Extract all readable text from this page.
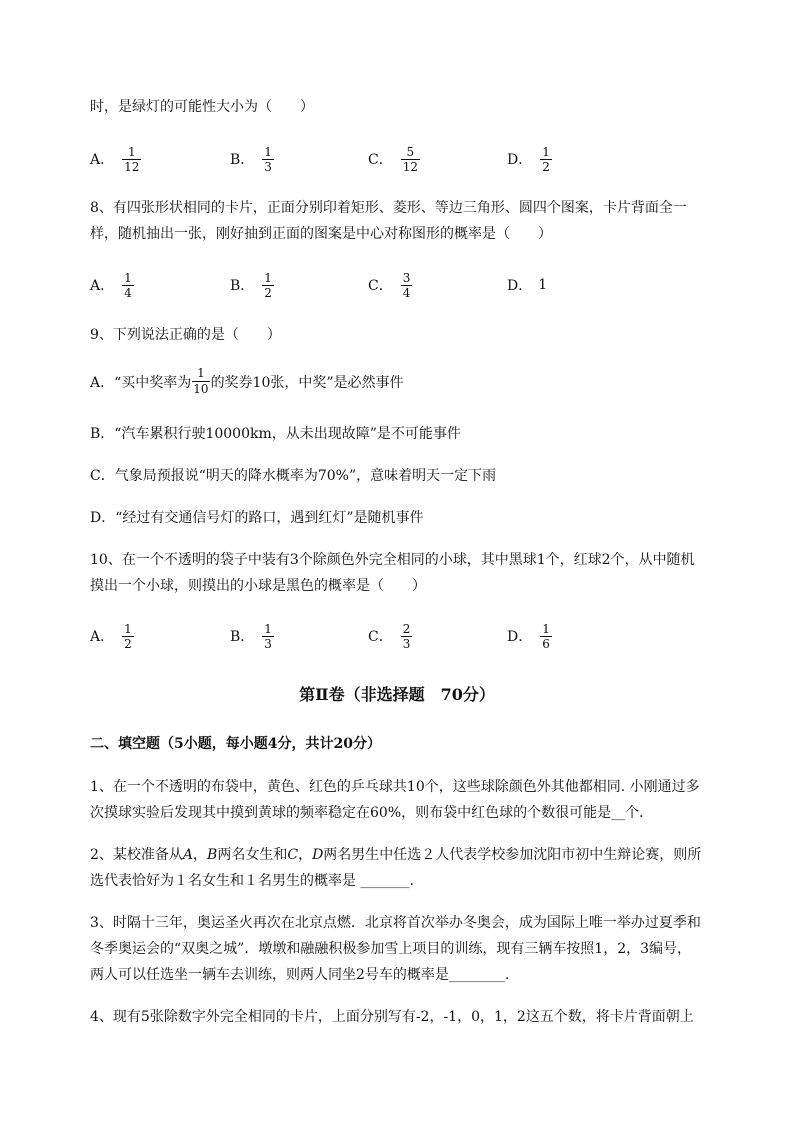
时，是绿灯的可能性大小为（　　）
A． $\frac{1}{12}$	B． $\frac{1}{3}$	C． $\frac{5}{12}$	D． $\frac{1}{2}$
8、有四张形状相同的卡片，正面分别印着矩形、菱形、等边三角形、圆四个图案，卡片背面全一
样，随机抽出一张，刚好抽到正面的图案是中心对称图形的概率是（　　）
A． $\frac{1}{4}$	B． $\frac{1}{2}$	C． $\frac{3}{4}$	D． 1
9、下列说法正确的是（　　）
A．“买中奖率为 $\frac{1}{10}$ 的奖券10张，中奖”是必然事件
B．“汽车累积行驶10000km，从未出现故障”是不可能事件
C．气象局预报说“明天的降水概率为70%”，意味着明天一定下雨
D．“经过有交通信号灯的路口，遇到红灯”是随机事件
10、在一个不透明的袋子中装有3个除颜色外完全相同的小球，其中黑球1个，红球2个，从中随机
摸出一个小球，则摸出的小球是黑色的概率是（　　）
A． $\frac{1}{2}$	B． $\frac{1}{3}$	C． $\frac{2}{3}$	D． $\frac{1}{6}$
第Ⅱ卷（非选择题　70分）
二、填空题（5小题，每小题4分，共计20分）
1、在一个不透明的布袋中，黄色、红色的乒乓球共10个，这些球除颜色外其他都相同. 小刚通过多
次摸球实验后发现其中摸到黄球的频率稳定在60%，则布袋中红色球的个数很可能是__个．
2、某校准备从A，B两名女生和C，D两名男生中任选２人代表学校参加沈阳市初中生辩论赛，则所
选代表恰好为１名女生和１名男生的概率是 _______.
3、时隔十三年，奥运圣火再次在北京点燃．北京将首次举办冬奥会，成为国际上唯一举办过夏季和
冬季奥运会的“双奥之城”．墩墩和融融积极参加雪上项目的训练，现有三辆车按照1，2，3编号，
两人可以任选坐一辆车去训练，则两人同坐2号车的概率是________.
4、现有5张除数字外完全相同的卡片，上面分别写有-2，-1，0，1，2这五个数，将卡片背面朝上
